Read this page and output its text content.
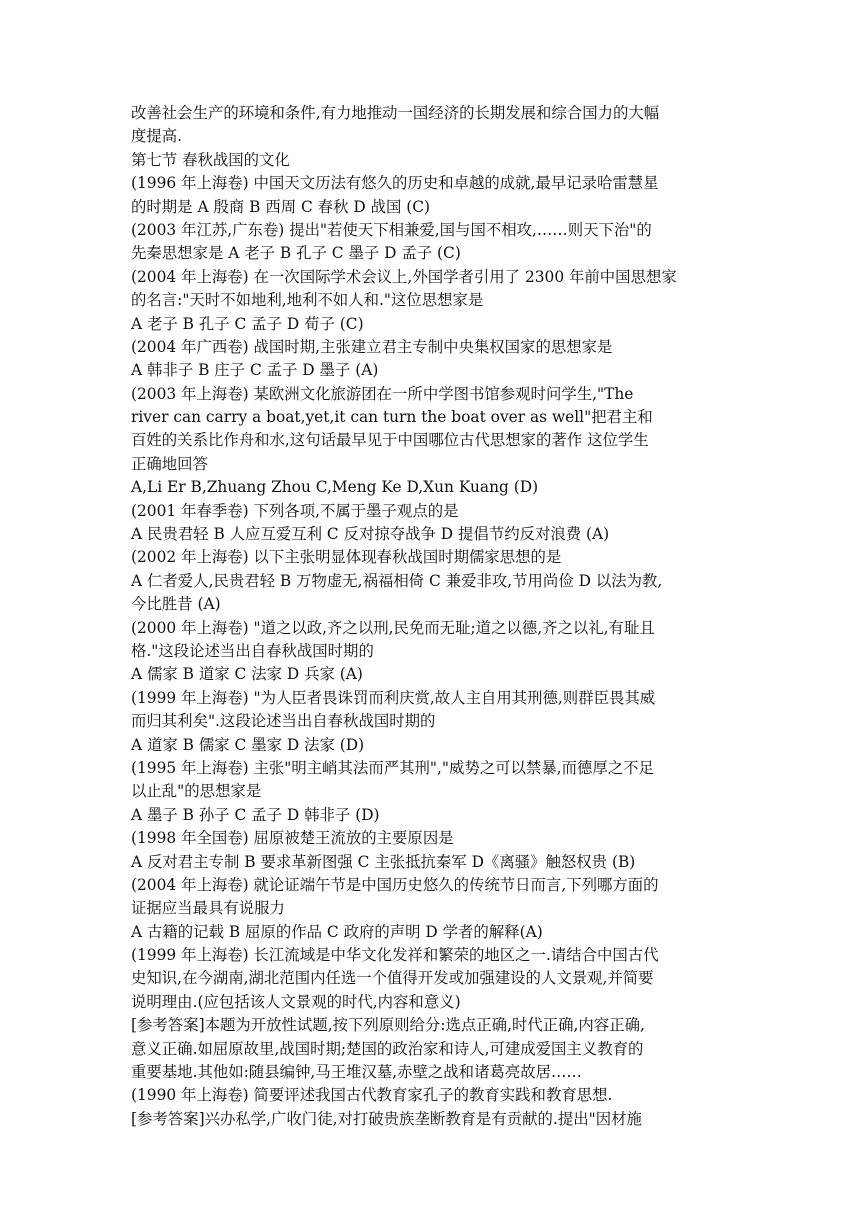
改善社会生产的环境和条件,有力地推动一国经济的长期发展和综合国力的大幅
度提高.
第七节 春秋战国的文化
(1996 年上海卷) 中国天文历法有悠久的历史和卓越的成就,最早记录哈雷慧星
的时期是 A 殷商 B 西周 C 春秋 D 战国 (C)
(2003 年江苏,广东卷) 提出"若使天下相兼爱,国与国不相攻,……则天下治"的
先秦思想家是 A 老子 B 孔子 C 墨子 D 孟子 (C)
(2004 年上海卷) 在一次国际学术会议上,外国学者引用了 2300 年前中国思想家
的名言:"天时不如地利,地利不如人和."这位思想家是
A 老子 B 孔子 C 孟子 D 荀子 (C)
(2004 年广西卷) 战国时期,主张建立君主专制中央集权国家的思想家是
A 韩非子 B 庄子 C 孟子 D 墨子 (A)
(2003 年上海卷) 某欧洲文化旅游团在一所中学图书馆参观时问学生,"The
river can carry a boat,yet,it can turn the boat over as well"把君主和
百姓的关系比作舟和水,这句话最早见于中国哪位古代思想家的著作 这位学生
正确地回答
A,Li Er B,Zhuang Zhou C,Meng Ke D,Xun Kuang (D)
(2001 年春季卷) 下列各项,不属于墨子观点的是
A 民贵君轻 B 人应互爱互利 C 反对掠夺战争 D 提倡节约反对浪费 (A)
(2002 年上海卷) 以下主张明显体现春秋战国时期儒家思想的是
A 仁者爱人,民贵君轻 B 万物虚无,祸福相倚 C 兼爱非攻,节用尚俭 D 以法为教,
今比胜昔 (A)
(2000 年上海卷) "道之以政,齐之以刑,民免而无耻;道之以德,齐之以礼,有耻且
格."这段论述当出自春秋战国时期的
A 儒家 B 道家 C 法家 D 兵家 (A)
(1999 年上海卷) "为人臣者畏诛罚而利庆赏,故人主自用其刑德,则群臣畏其威
而归其利矣".这段论述当出自春秋战国时期的
A 道家 B 儒家 C 墨家 D 法家 (D)
(1995 年上海卷) 主张"明主峭其法而严其刑","威势之可以禁暴,而德厚之不足
以止乱"的思想家是
A 墨子 B 孙子 C 孟子 D 韩非子 (D)
(1998 年全国卷) 屈原被楚王流放的主要原因是
A 反对君主专制 B 要求革新图强 C 主张抵抗秦军 D《离骚》触怒权贵 (B)
(2004 年上海卷) 就论证端午节是中国历史悠久的传统节日而言,下列哪方面的
证据应当最具有说服力
A 古籍的记载 B 屈原的作品 C 政府的声明 D 学者的解释(A)
(1999 年上海卷) 长江流域是中华文化发祥和繁荣的地区之一.请结合中国古代
史知识,在今湖南,湖北范围内任选一个值得开发或加强建设的人文景观,并简要
说明理由.(应包括该人文景观的时代,内容和意义)
[参考答案]本题为开放性试题,按下列原则给分:选点正确,时代正确,内容正确,
意义正确.如屈原故里,战国时期;楚国的政治家和诗人,可建成爱国主义教育的
重要基地.其他如:随县编钟,马王堆汉墓,赤壁之战和诸葛亮故居……
(1990 年上海卷) 简要评述我国古代教育家孔子的教育实践和教育思想.
[参考答案]兴办私学,广收门徒,对打破贵族垄断教育是有贡献的.提出"因材施
